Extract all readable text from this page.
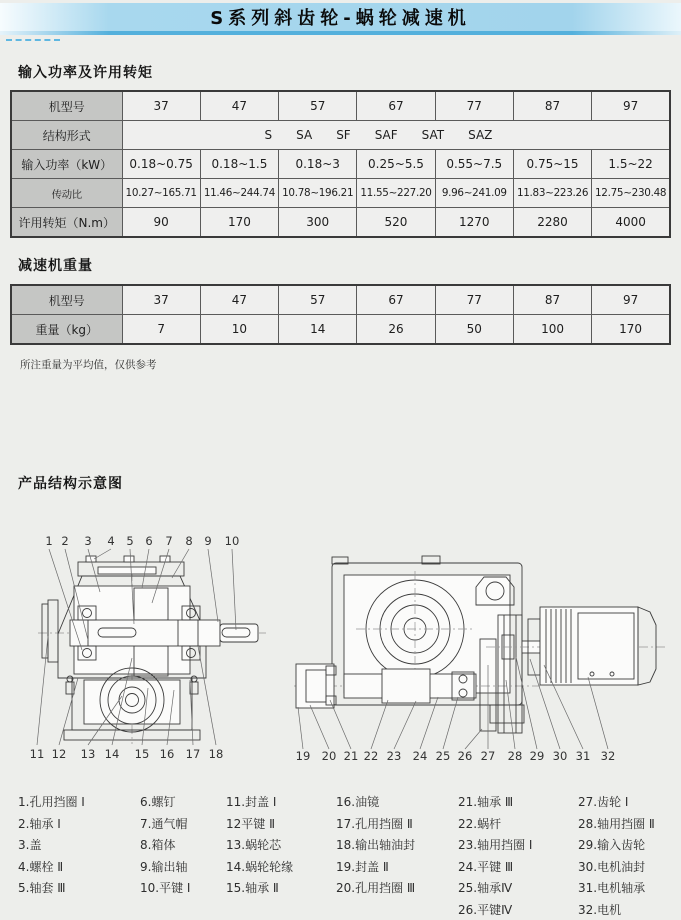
S系列斜齿轮-蜗轮减速机
输入功率及许用转矩
机型号	37	47	57	67	77	87	97
结构形式	S SA SF SAF SAT SAZ

输入功率（kW）	0.18~0.75	0.18~1.5	0.18~3	0.25~5.5	0.55~7.5	0.75~15	1.5~22
传动比	10.27~165.71	11.46~244.74	10.78~196.21	11.55~227.20	9.96~241.09	11.83~223.26	12.75~230.48
许用转矩（N.m）	90	170	300	520	1270	2280	4000
减速机重量
机型号	37	47	57	67	77	87	97
重量（kg）	7	10	14	26	50	100	170

所注重量为平均值，仅供参考

产品结构示意图
1 2 3 4 5 6 7 8 9 10
11 12 13 14 15 16 17 18	19 20 21 22 23 24 25 26 27 28 29 30 31 32
1.孔用挡圈 Ⅰ
2.轴承 Ⅰ
3.盖
4.螺栓 Ⅱ
5.轴套 Ⅲ
6.螺钉
7.通气帽
8.箱体
9.输出轴
10.平键 Ⅰ
11.封盖 Ⅰ
12平键 Ⅱ
13.蜗轮芯
14.蜗轮轮缘
15.轴承 Ⅱ
16.油镜
17.孔用挡圈 Ⅱ
18.输出轴油封
19.封盖 Ⅱ
20.孔用挡圈 Ⅲ
21.轴承 Ⅲ
22.蜗杆
23.轴用挡圈 Ⅰ
24.平键 Ⅲ
25.轴承Ⅳ
26.平键Ⅳ
27.齿轮 Ⅰ
28.轴用挡圈 Ⅱ
29.输入齿轮
30.电机油封
31.电机轴承
32.电机
